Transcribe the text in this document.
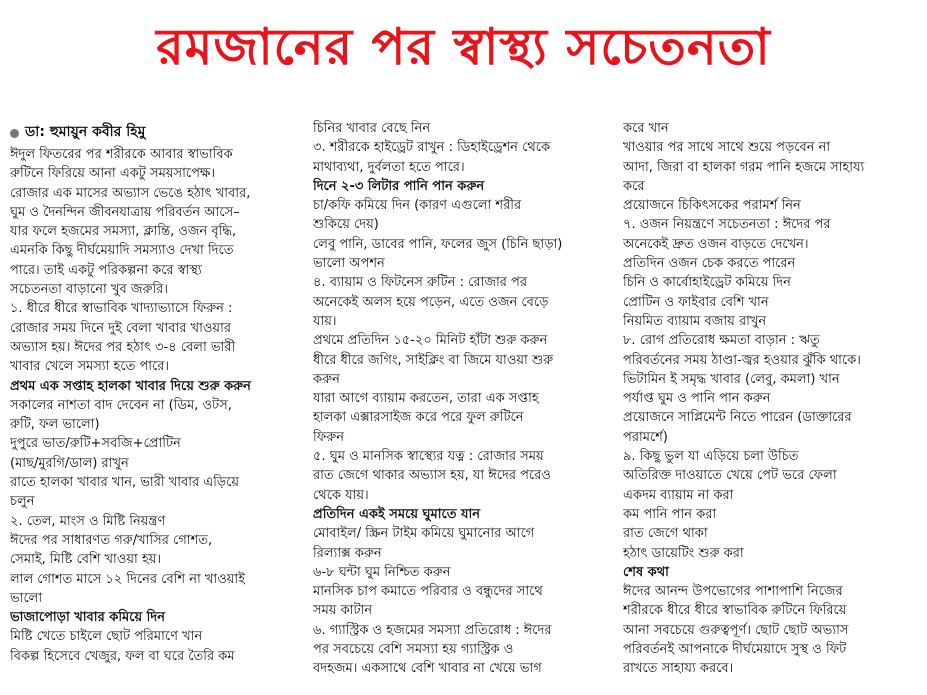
রমজানের পর স্বাস্থ্য সচেতনতা
ডা: হুমায়ুন কবীর হিমু
ঈদুল ফিতরের পর শরীরকে আবার স্বাভাবিক
রুটিনে ফিরিয়ে আনা একটু সময়সাপেক্ষ।
রোজার এক মাসের অভ্যাস ভেঙে হঠাৎ খাবার,
ঘুম ও দৈনন্দিন জীবনযাত্রায় পরিবর্তন আসে–
যার ফলে হজমের সমস্যা, ক্লান্তি, ওজন বৃদ্ধি,
এমনকি কিছু দীর্ঘমেয়াদি সমস্যাও দেখা দিতে
পারে। তাই একটু পরিকল্পনা করে স্বাস্থ্য
সচেতনতা বাড়ানো খুব জরুরি।
১. ধীরে ধীরে স্বাভাবিক খাদ্যাভ্যাসে ফিরুন :
রোজার সময় দিনে দুই বেলা খাবার খাওয়ার
অভ্যাস হয়। ঈদের পর হঠাৎ ৩-৪ বেলা ভারী
খাবার খেলে সমস্যা হতে পারে।
প্রথম এক সপ্তাহ হালকা খাবার দিয়ে শুরু করুন
সকালের নাশতা বাদ দেবেন না (ডিম, ওটস,
রুটি, ফল ভালো)
দুপুরে ভাত/রুটি+সবজি+প্রোটিন
(মাছ/মুরগি/ডাল) রাখুন
রাতে হালকা খাবার খান, ভারী খাবার এড়িয়ে
চলুন
২. তেল, মাংস ও মিষ্টি নিয়ন্ত্রণ
ঈদের পর সাধারণত গরু/খাসির গোশত,
সেমাই, মিষ্টি বেশি খাওয়া হয়।
লাল গোশত মাসে ১২ দিনের বেশি না খাওয়াই
ভালো
ভাজাপোড়া খাবার কমিয়ে দিন
মিষ্টি খেতে চাইলে ছোট পরিমাণে খান
বিকল্প হিসেবে খেজুর, ফল বা ঘরে তৈরি কম
চিনির খাবার বেছে নিন
৩. শরীরকে হাইড্রেট রাখুন : ডিহাইড্রেশন থেকে
মাথাব্যথা, দুর্বলতা হতে পারে।
দিনে ২-৩ লিটার পানি পান করুন
চা/কফি কমিয়ে দিন (কারণ এগুলো শরীর
শুকিয়ে দেয়)
লেবু পানি, ডাবের পানি, ফলের জুস (চিনি ছাড়া)
ভালো অপশন
৪. ব্যায়াম ও ফিটনেস রুটিন : রোজার পর
অনেকেই অলস হয়ে পড়েন, এতে ওজন বেড়ে
যায়।
প্রথমে প্রতিদিন ১৫-২০ মিনিট হাঁটা শুরু করুন
ধীরে ধীরে জগিং, সাইক্লিং বা জিমে যাওয়া শুরু
করুন
যারা আগে ব্যায়াম করতেন, তারা এক সপ্তাহ
হালকা এক্সারসাইজ করে পরে ফুল রুটিনে
ফিরুন
৫. ঘুম ও মানসিক স্বাস্থ্যের যত্ন : রোজার সময়
রাত জেগে থাকার অভ্যাস হয়, যা ঈদের পরেও
থেকে যায়।
প্রতিদিন একই সময়ে ঘুমাতে যান
মোবাইল/ স্ক্রিন টাইম কমিয়ে ঘুমানোর আগে
রিল্যাক্স করুন
৬-৮ ঘন্টা ঘুম নিশ্চিত করুন
মানসিক চাপ কমাতে পরিবার ও বন্ধুদের সাথে
সময় কাটান
৬. গ্যাস্ট্রিক ও হজমের সমস্যা প্রতিরোধ : ঈদের
পর সবচেয়ে বেশি সমস্যা হয় গ্যাস্ট্রিক ও
বদহজম। একসাথে বেশি খাবার না খেয়ে ভাগ
করে খান
খাওয়ার পর সাথে সাথে শুয়ে পড়বেন না
আদা, জিরা বা হালকা গরম পানি হজমে সাহায্য
করে
প্রয়োজনে চিকিৎসকের পরামর্শ নিন
৭. ওজন নিয়ন্ত্রণে সচেতনতা : ঈদের পর
অনেকেই দ্রুত ওজন বাড়তে দেখেন।
প্রতিদিন ওজন চেক করতে পারেন
চিনি ও কার্বোহাইড্রেট কমিয়ে দিন
প্রোটিন ও ফাইবার বেশি খান
নিয়মিত ব্যায়াম বজায় রাখুন
৮. রোগ প্রতিরোধ ক্ষমতা বাড়ান : ঋতু
পরিবর্তনের সময় ঠাণ্ডা-জ্বর হওয়ার ঝুঁকি থাকে।
ভিটামিন ই সমৃদ্ধ খাবার (লেবু, কমলা) খান
পর্যাপ্ত ঘুম ও পানি পান করুন
প্রয়োজনে সাপ্লিমেন্ট নিতে পারেন (ডাক্তারের
পরামর্শে)
৯. কিছু ভুল যা এড়িয়ে চলা উচিত
অতিরিক্ত দাওয়াতে খেয়ে পেট ভরে ফেলা
একদম ব্যায়াম না করা
কম পানি পান করা
রাত জেগে থাকা
হঠাৎ ডায়েটিং শুরু করা
শেষ কথা
ঈদের আনন্দ উপভোগের পাশাপাশি নিজের
শরীরকে ধীরে ধীরে স্বাভাবিক রুটিনে ফিরিয়ে
আনা সবচেয়ে গুরুত্বপূর্ণ। ছোট ছোট অভ্যাস
পরিবর্তনই আপনাকে দীর্ঘমেয়াদে সুস্থ ও ফিট
রাখতে সাহায্য করবে।
